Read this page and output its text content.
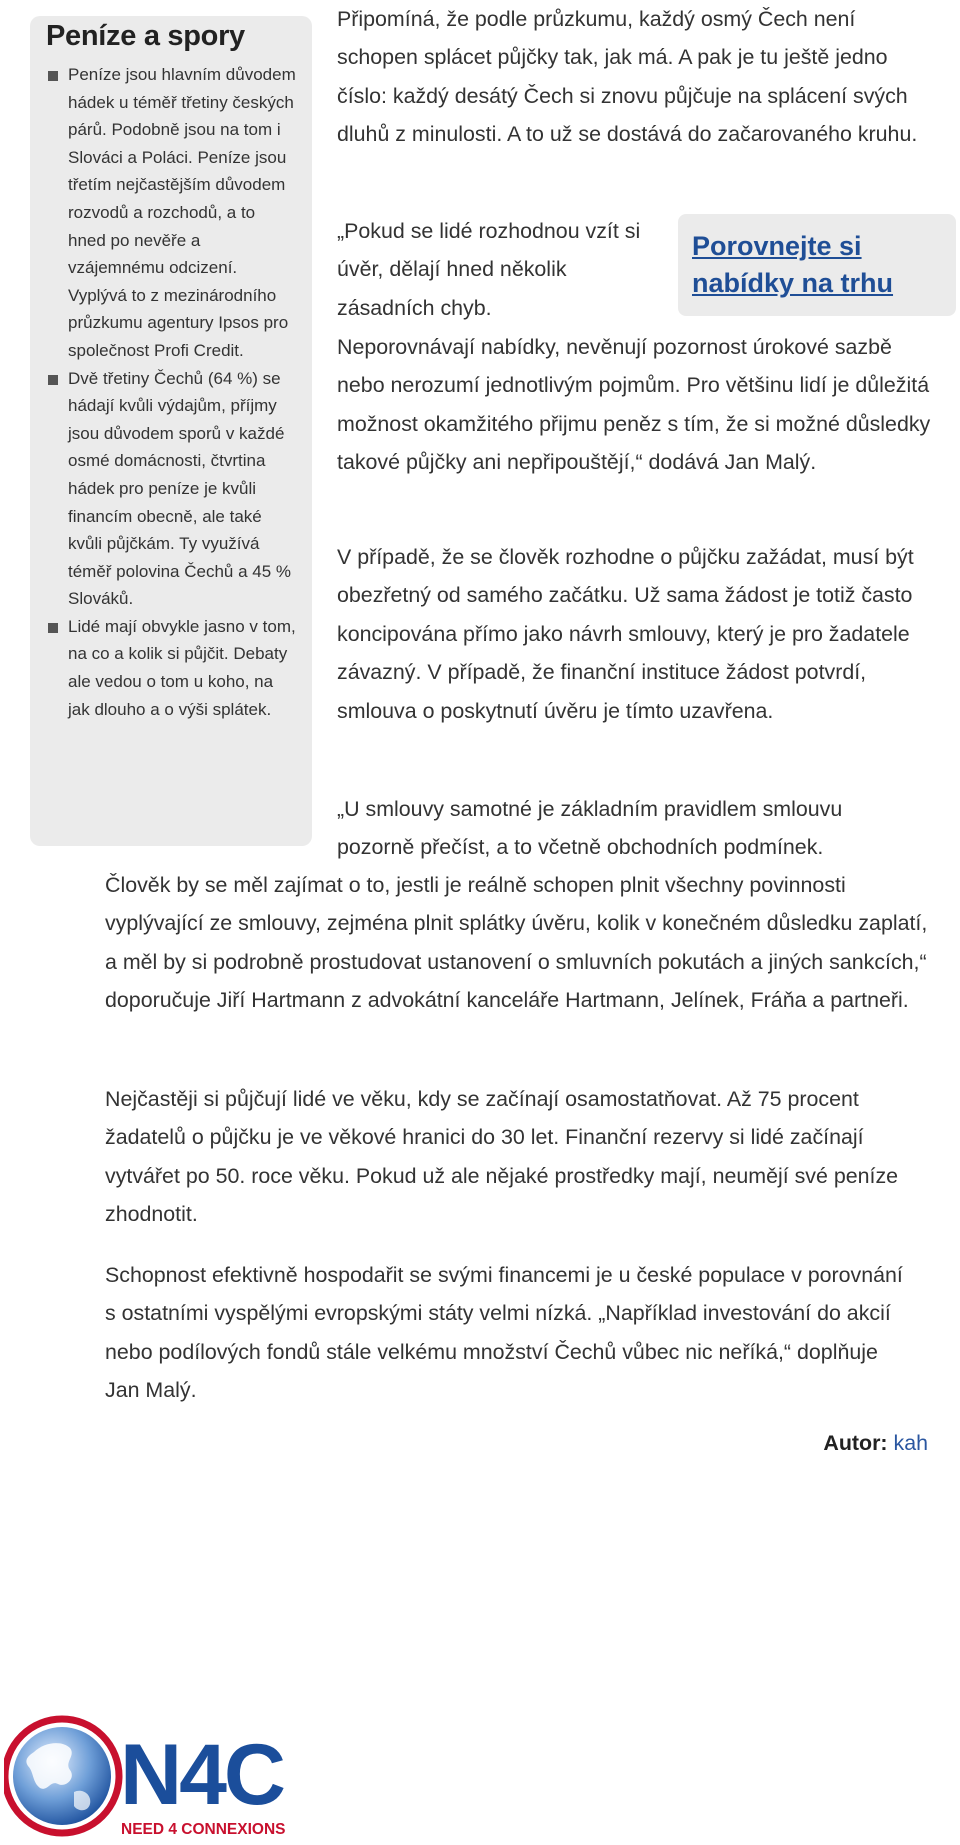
Peníze a spory
Peníze jsou hlavním důvodem hádek u téměř třetiny českých párů. Podobně jsou na tom i Slováci a Poláci. Peníze jsou třetím nejčastějším důvodem rozvodů a rozchodů, a to hned po nevěře a vzájemnému odcizení. Vyplývá to z mezinárodního průzkumu agentury Ipsos pro společnost Profi Credit.
Dvě třetiny Čechů (64 %) se hádají kvůli výdajům, příjmy jsou důvodem sporů v každé osmé domácnosti, čtvrtina hádek pro peníze je kvůli financím obecně, ale také kvůli půjčkám. Ty využívá téměř polovina Čechů a 45 % Slováků.
Lidé mají obvykle jasno v tom, na co a kolik si půjčit. Debaty ale vedou o tom u koho, na jak dlouho a o výši splátek.

Připomíná, že podle průzkumu, každý osmý Čech není schopen splácet půjčky tak, jak má. A pak je tu ještě jedno číslo: každý desátý Čech si znovu půjčuje na splácení svých dluhů z minulosti. A to už se dostává do začarovaného kruhu.

„Pokud se lidé rozhodnou vzít si úvěr, dělají hned několik zásadních chyb.

Neporovnávají nabídky, nevěnují pozornost úrokové sazbě nebo nerozumí jednotlivým pojmům. Pro většinu lidí je důležitá možnost okamžitého přijmu peněz s tím, že si možné důsledky takové půjčky ani nepřipouštějí,“ dodává Jan Malý.

Porovnejte si nabídky na trhu

V případě, že se člověk rozhodne o půjčku zažádat, musí být obezřetný od samého začátku. Už sama žádost je totiž často koncipována přímo jako návrh smlouvy, který je pro žadatele závazný. V případě, že finanční instituce žádost potvrdí, smlouva o poskytnutí úvěru je tímto uzavřena.

„U smlouvy samotné je základním pravidlem smlouvu pozorně přečíst, a to včetně obchodních podmínek.

Člověk by se měl zajímat o to, jestli je reálně schopen plnit všechny povinnosti vyplývající ze smlouvy, zejména plnit splátky úvěru, kolik v konečném důsledku zaplatí, a měl by si podrobně prostudovat ustanovení o smluvních pokutách a jiných sankcích,“ doporučuje Jiří Hartmann z advokátní kanceláře Hartmann, Jelínek, Fráňa a partneři.

Nejčastěji si půjčují lidé ve věku, kdy se začínají osamostatňovat. Až 75 procent žadatelů o půjčku je ve věkové hranici do 30 let. Finanční rezervy si lidé začínají vytvářet po 50. roce věku. Pokud už ale nějaké prostředky mají, neumějí své peníze zhodnotit.

Schopnost efektivně hospodařit se svými financemi je u české populace v porovnání s ostatními vyspělými evropskými státy velmi nízká. „Například investování do akcií nebo podílových fondů stále velkému množství Čechů vůbec nic neříká,“ doplňuje Jan Malý.

Autor: kah
N4C
NEED 4 CONNEXIONS
